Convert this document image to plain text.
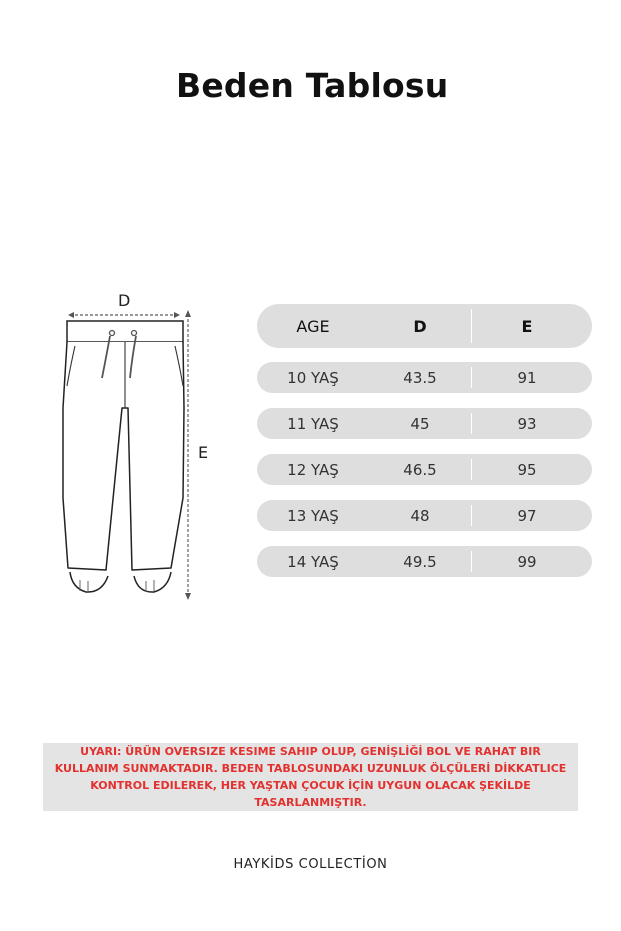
Beden Tablosu
D
E
AGE	D	E
10 YAŞ	43.5	91
11 YAŞ	45	93
12 YAŞ	46.5	95
13 YAŞ	48	97
14 YAŞ	49.5	99
UYARI: ÜRÜN OVERSIZE KESIME SAHIP OLUP, GENİŞLİĞİ BOL VE RAHAT BIR KULLANIM SUNMAKTADIR. BEDEN TABLOSUNDAKI UZUNLUK ÖLÇÜLERİ DİKKATLICE KONTROL EDILEREK, HER YAŞTAN ÇOCUK İÇİN UYGUN OLACAK ŞEKİLDE TASARLANMIŞTIR.
HAYKİDS COLLECTİON
